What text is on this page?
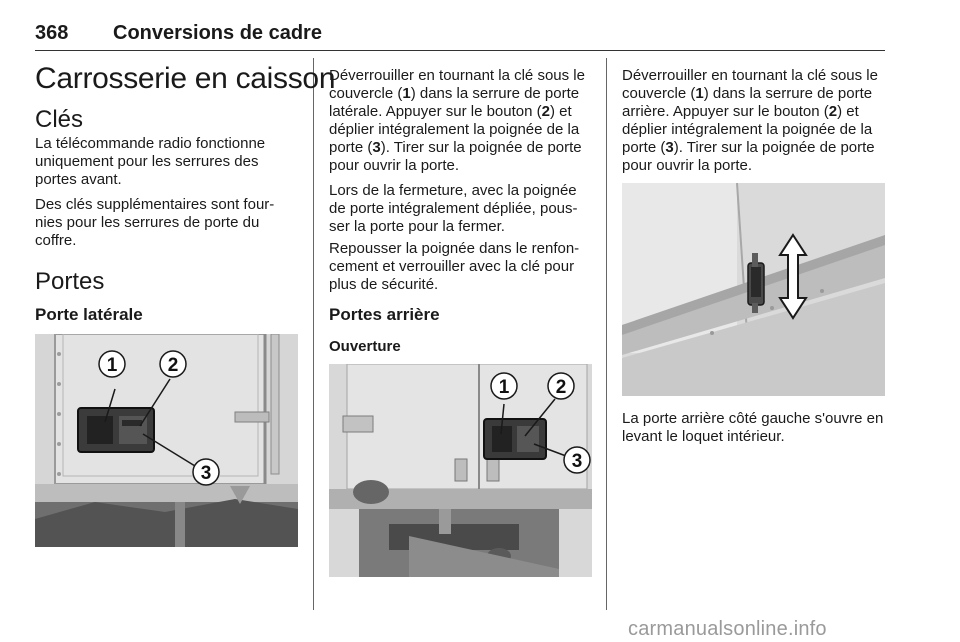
368 Conversions de cadre
Carrosserie en caisson
Clés

La télécommande radio fonctionne uniquement pour les serrures des portes avant.

Des clés supplémentaires sont four‑

nies pour les serrures de porte du

coffre.

Portes
Porte latérale
1	2
3

Déverrouiller en tournant la clé sous le couvercle (1) dans la serrure de porte latérale. Appuyer sur le bouton (2) et déplier intégralement la poignée de la porte (3). Tirer sur la poignée de porte pour ouvrir la porte.

Lors de la fermeture, avec la poignée

de porte intégralement dépliée, pous‑

ser la porte pour la fermer.

Repousser la poignée dans le renfon‑

cement et verrouiller avec la clé pour

plus de sécurité.

Portes arrière
Ouverture
1 2
3

Déverrouiller en tournant la clé sous le couvercle (1) dans la serrure de porte arrière. Appuyer sur le bouton (2) et déplier intégralement la poignée de la porte (3). Tirer sur la poignée de porte pour ouvrir la porte.

La porte arrière côté gauche s'ouvre en levant le loquet intérieur.

carmanualsonline.info
